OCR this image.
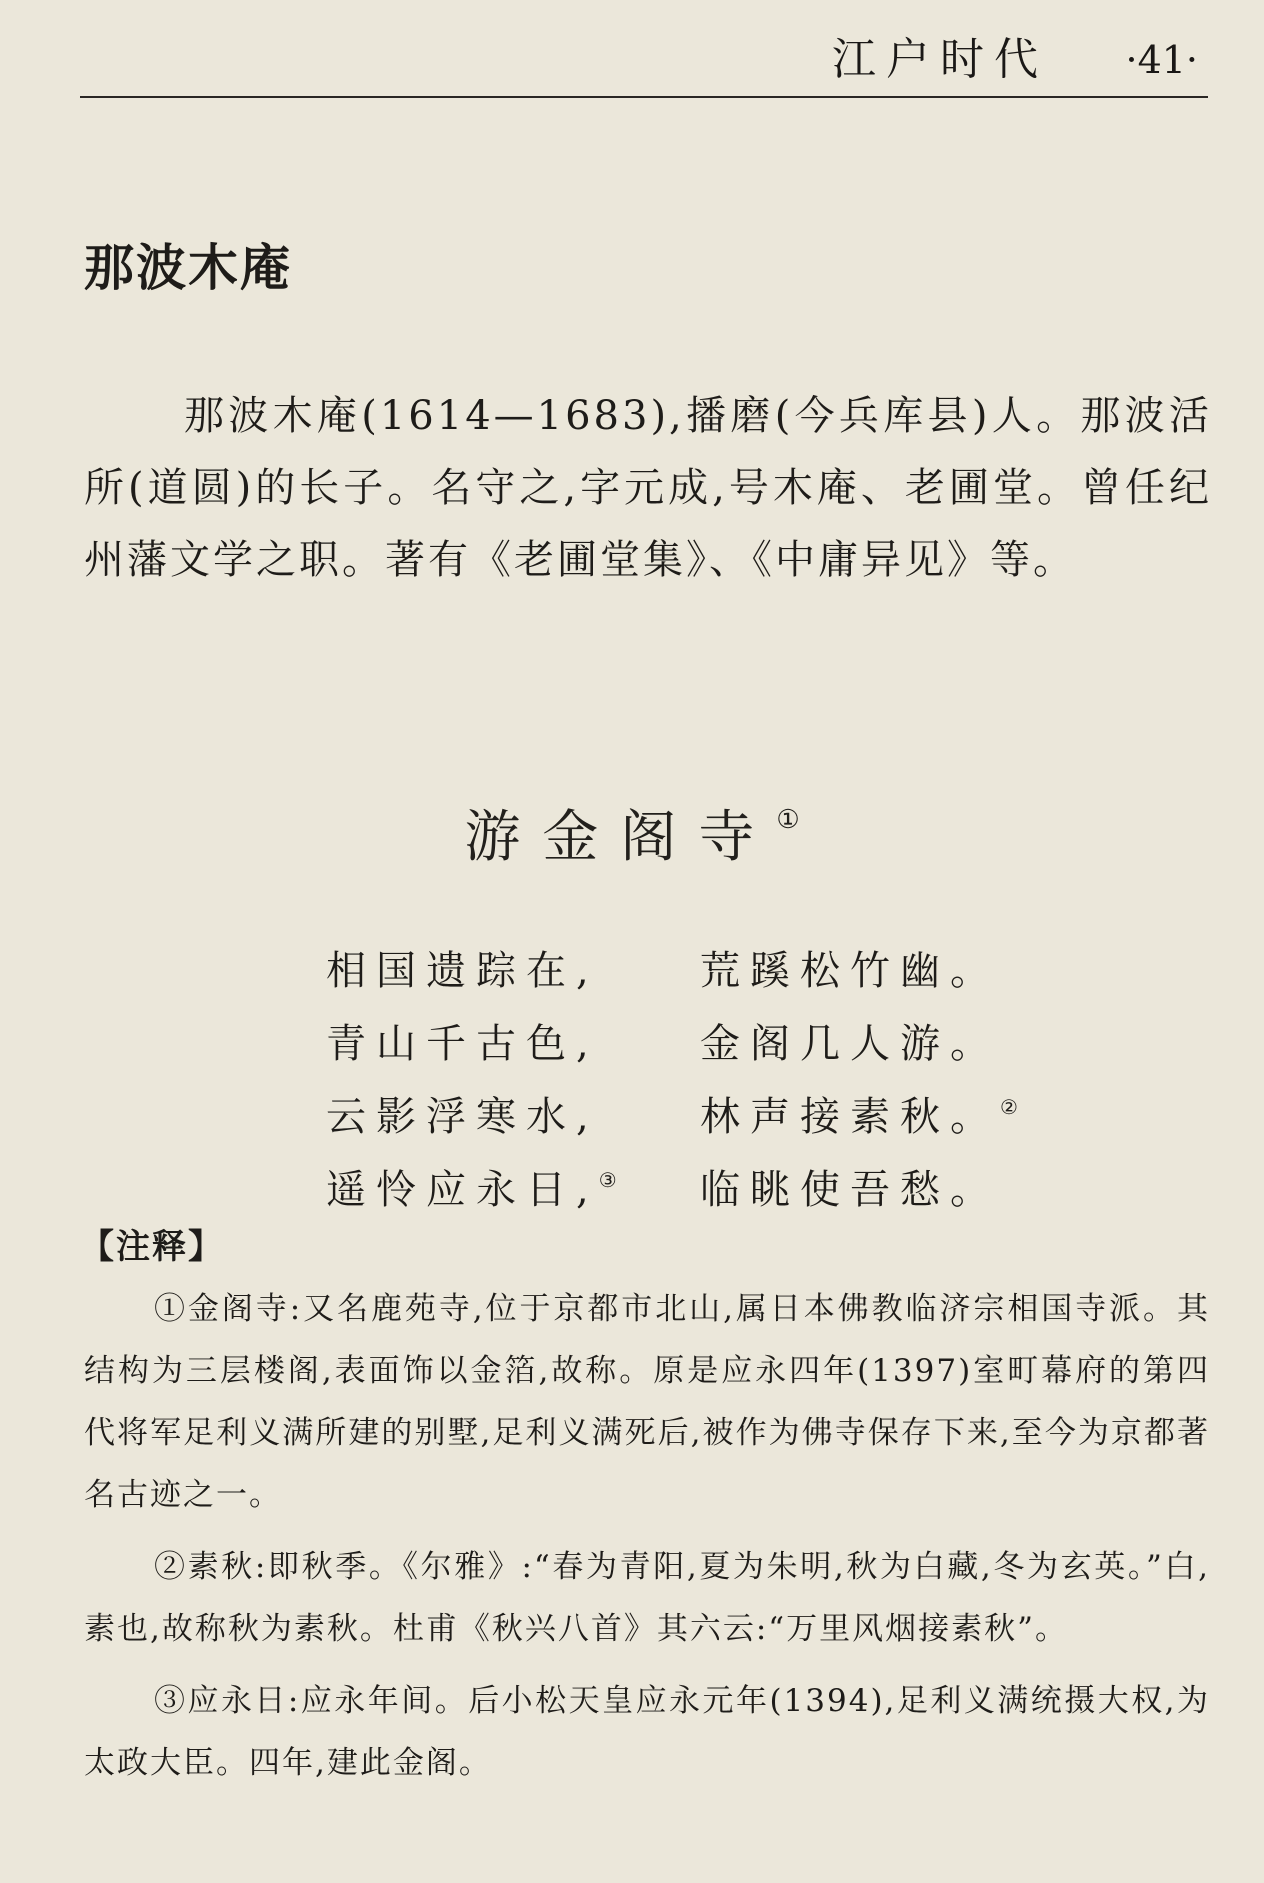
江户时代 ·41·
那波木庵

那波木庵(1614—1683),播磨(今兵库县)人。那波活所(道圆)的长子。名守之,字元成,号木庵、老圃堂。曾任纪州藩文学之职。著有《老圃堂集》、《中庸异见》等。

游金阁寺①
相国遗踪在,	荒蹊松竹幽。
青山千古色,	金阁几人游。
云影浮寒水,	林声接素秋。②
遥怜应永日,③ 临眺使吾愁。
【注释】

①金阁寺:又名鹿苑寺,位于京都市北山,属日本佛教临济宗相国寺派。其结构为三层楼阁,表面饰以金箔,故称。原是应永四年(1397)室町幕府的第四代将军足利义满所建的别墅,足利义满死后,被作为佛寺保存下来,至今为京都著名古迹之一。

②素秋:即秋季。《尔雅》:“春为青阳,夏为朱明,秋为白藏,冬为玄英。”白,素也,故称秋为素秋。杜甫《秋兴八首》其六云:“万里风烟接素秋”。

③应永日:应永年间。后小松天皇应永元年(1394),足利义满统摄大权,为太政大臣。四年,建此金阁。
